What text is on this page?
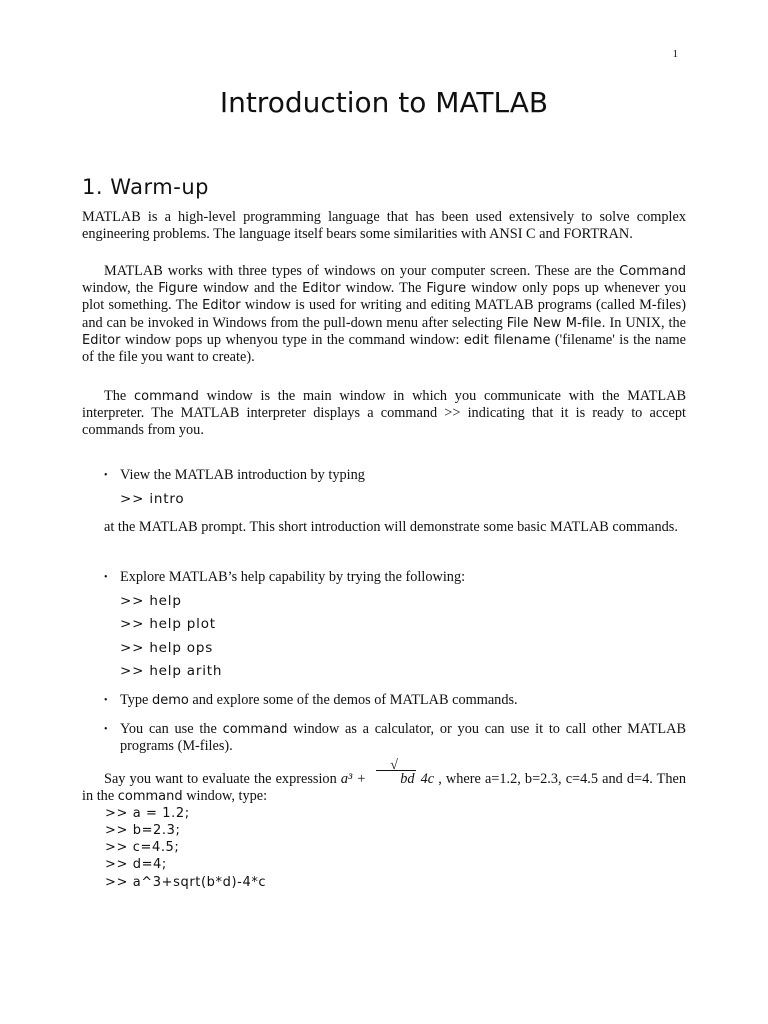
1
Introduction to MATLAB
1. Warm-up

MATLAB is a high-level programming language that has been used extensively to solve complex engineering problems. The language itself bears some similarities with ANSI C and FORTRAN.

MATLAB works with three types of windows on your computer screen. These are the Command window, the Figure window and the Editor window. The Figure window only pops up whenever you plot something. The Editor window is used for writing and editing MATLAB programs (called M-files) and can be invoked in Windows from the pull-down menu after selecting File New M-file. In UNIX, the Editor window pops up whenyou type in the command window: edit filename ('filename' is the name of the file you want to create).

The command window is the main window in which you communicate with the MATLAB interpreter. The MATLAB interpreter displays a command >> indicating that it is ready to accept commands from you.

• View the MATLAB introduction by typing
>> intro

at the MATLAB prompt. This short introduction will demonstrate some basic MATLAB commands.

• Explore MATLAB’s help capability by trying the following:
>> help
>> help plot
>> help ops
>> help arith
• Type demo and explore some of the demos of MATLAB commands.
• You can use the command window as a calculator, or you can use it to call other MATLAB programs (M-files).

Say you want to evaluate the expression a³ + √ bd 4c , where a=1.2, b=2.3, c=4.5 and d=4. Then in the command window, type:

>> a = 1.2;
>> b=2.3;
>> c=4.5;
>> d=4;
>> a^3+sqrt(b*d)-4*c
